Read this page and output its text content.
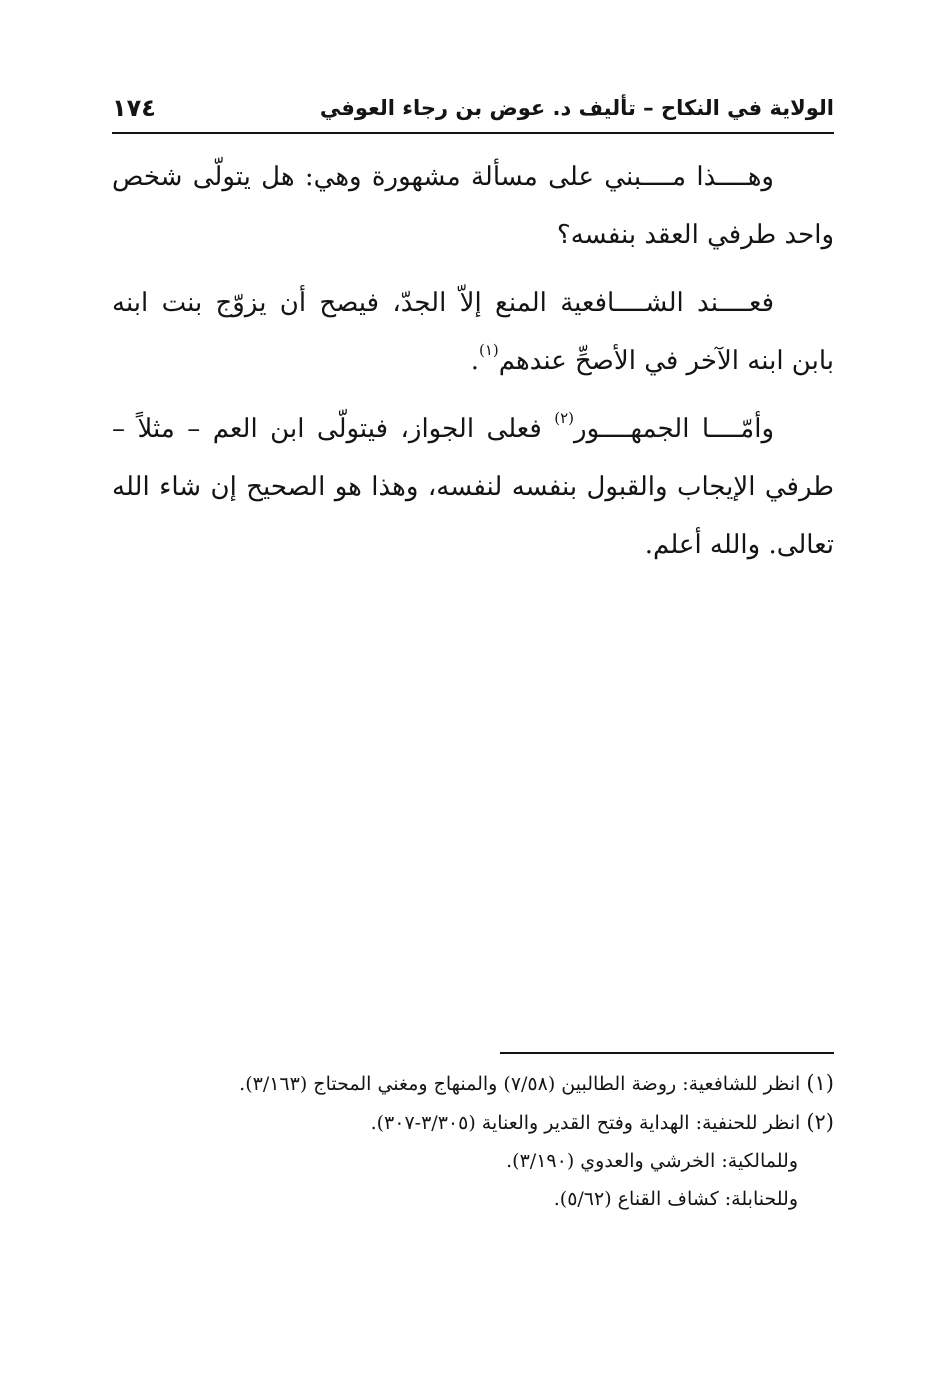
الولاية في النكاح – تأليف د. عوض بن رجاء العوفي
١٧٤

وهــــذا مــــبني على مسألة مشهورة وهي: هل يتولّى شخص واحد طرفي العقد بنفسه؟

فعــــند الشــــافعية المنع إلاّ الجدّ، فيصح أن يزوّج بنت ابنه بابن ابنه الآخر في الأصحِّ عندهم$^{(١)}$.

وأمّــــا الجمهــــور$^{(٢)}$ فعلى الجواز، فيتولّى ابن العم – مثلاً – طرفي الإيجاب والقبول بنفسه لنفسه، وهذا هو الصحيح إن شاء الله تعالى. والله أعلم.

(١) انظر للشافعية: روضة الطالبين (٧/٥٨) والمنهاج ومغني المحتاج (٣/١٦٣).
(٢) انظر للحنفية: الهداية وفتح القدير والعناية (٣/٣٠٥-٣٠٧).
وللمالكية: الخرشي والعدوي (٣/١٩٠).
وللحنابلة: كشاف القناع (٥/٦٢).
